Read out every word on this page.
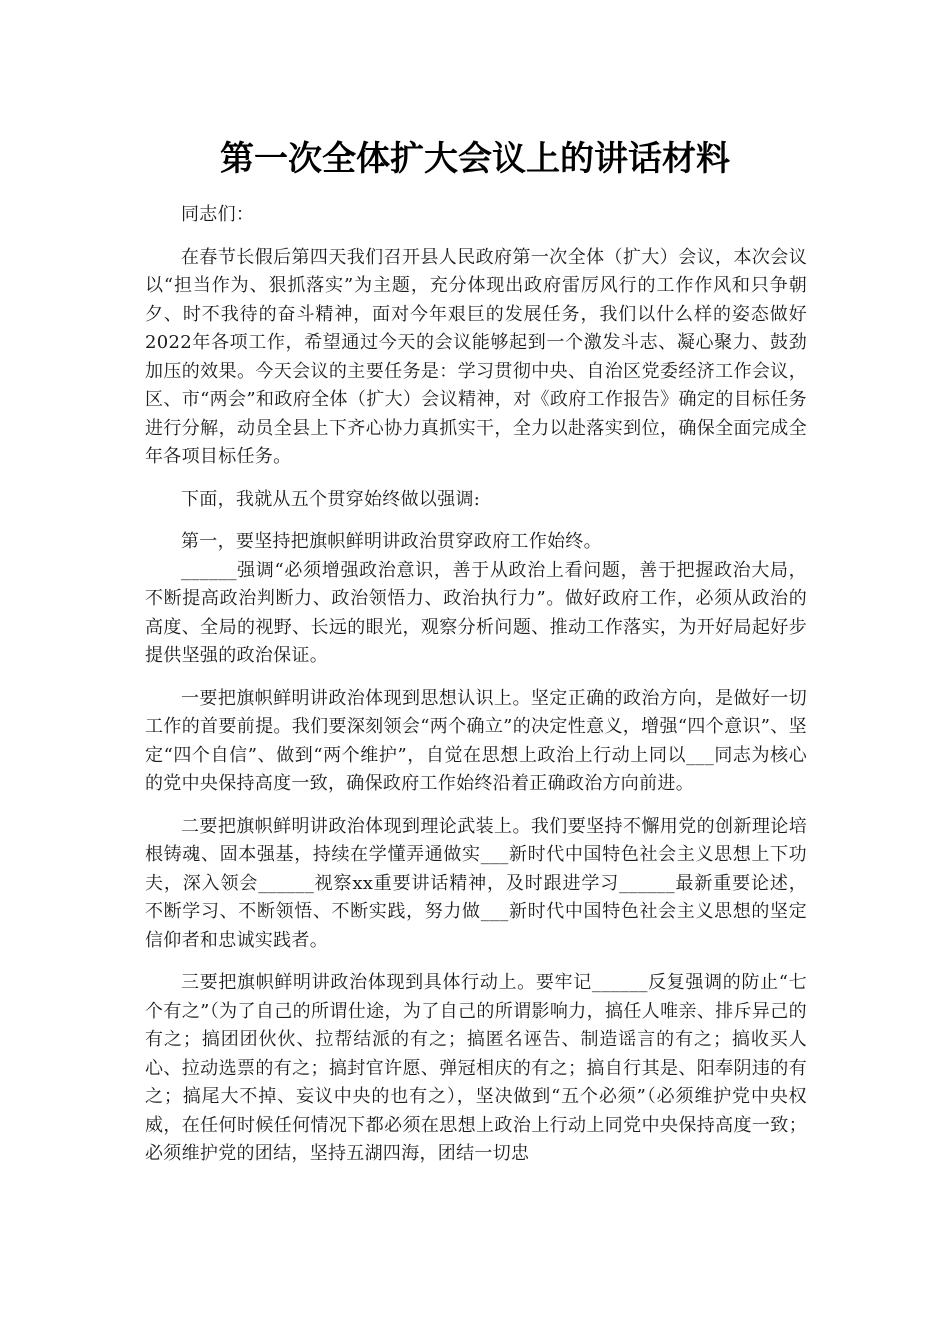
第一次全体扩大会议上的讲话材料

同志们：

在春节长假后第四天我们召开县人民政府第一次全体（扩大）会议，本次会议以“担当作为、狠抓落实”为主题，充分体现出政府雷厉风行的工作作风和只争朝夕、时不我待的奋斗精神，面对今年艰巨的发展任务，我们以什么样的姿态做好2022年各项工作，希望通过今天的会议能够起到一个激发斗志、凝心聚力、鼓劲加压的效果。今天会议的主要任务是：学习贯彻中央、自治区党委经济工作会议，区、市“两会”和政府全体（扩大）会议精神，对《政府工作报告》确定的目标任务进行分解，动员全县上下齐心协力真抓实干，全力以赴落实到位，确保全面完成全年各项目标任务。

下面，我就从五个贯穿始终做以强调:

第一，要坚持把旗帜鲜明讲政治贯穿政府工作始终。

______强调“必须增强政治意识，善于从政治上看问题，善于把握政治大局，不断提高政治判断力、政治领悟力、政治执行力”。做好政府工作，必须从政治的高度、全局的视野、长远的眼光，观察分析问题、推动工作落实，为开好局起好步提供坚强的政治保证。

一要把旗帜鲜明讲政治体现到思想认识上。坚定正确的政治方向，是做好一切工作的首要前提。我们要深刻领会“两个确立”的决定性意义，增强“四个意识”、坚定“四个自信”、做到“两个维护”，自觉在思想上政治上行动上同以___同志为核心的党中央保持高度一致，确保政府工作始终沿着正确政治方向前进。

二要把旗帜鲜明讲政治体现到理论武装上。我们要坚持不懈用党的创新理论培根铸魂、固本强基，持续在学懂弄通做实___新时代中国特色社会主义思想上下功夫，深入领会______视察xx重要讲话精神，及时跟进学习______最新重要论述，不断学习、不断领悟、不断实践，努力做___新时代中国特色社会主义思想的坚定信仰者和忠诚实践者。

三要把旗帜鲜明讲政治体现到具体行动上。要牢记______反复强调的防止“七个有之”（为了自己的所谓仕途，为了自己的所谓影响力，搞任人唯亲、排斥异己的有之；搞团团伙伙、拉帮结派的有之；搞匿名诬告、制造谣言的有之；搞收买人心、拉动选票的有之；搞封官许愿、弹冠相庆的有之；搞自行其是、阳奉阴违的有之；搞尾大不掉、妄议中央的也有之），坚决做到“五个必须”（必须维护党中央权威，在任何时候任何情况下都必须在思想上政治上行动上同党中央保持高度一致；必须维护党的团结，坚持五湖四海，团结一切忠
